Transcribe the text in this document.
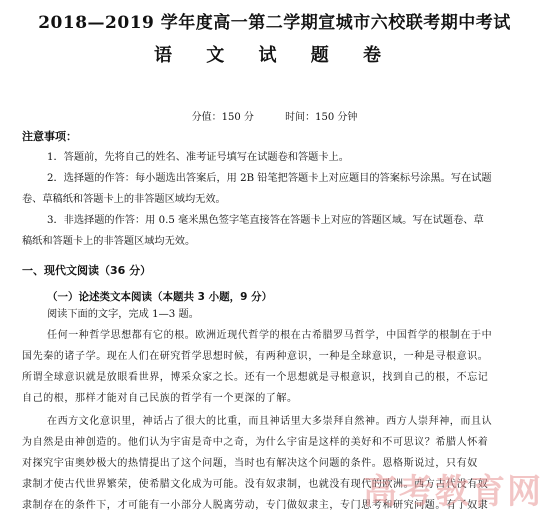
2018—2019 学年度高一第二学期宣城市六校联考期中考试
语 文 试 题 卷
分值：150 分	时间：150 分钟
注意事项：
1．答题前，先将自己的姓名、准考证号填写在试题卷和答题卡上。
2．选择题的作答：每小题选出答案后，用 2B 铅笔把答题卡上对应题目的答案标号涂黑。写在试题
卷、草稿纸和答题卡上的非答题区域均无效。
3．非选择题的作答：用 0.5 毫米黑色签字笔直接答在答题卡上对应的答题区域。写在试题卷、草
稿纸和答题卡上的非答题区域均无效。
一、现代文阅读（36 分）
（一）论述类文本阅读（本题共 3 小题，9 分）
阅读下面的文字，完成 1—3 题。
任何一种哲学思想都有它的根。欧洲近现代哲学的根在古希腊罗马哲学，中国哲学的根制在于中
国先秦的诸子学。现在人们在研究哲学思想时候，有两种意识，一种是全球意识，一种是寻根意识。
所谓全球意识就是放眼看世界，博采众家之长。还有一个思想就是寻根意识，找到自己的根，不忘记
自己的根，那样才能对自己民族的哲学有一个更深的了解。
在西方文化意识里，神话占了很大的比重，而且神话里大多崇拜自然神。西方人崇拜神，而且认
为自然是由神创造的。他们认为宇宙是奇中之奇，为什么宇宙是这样的美好和不可思议？希腊人怀着
对探究宇宙奥妙极大的热情提出了这个问题，当时也有解决这个问题的条件。恩格斯说过，只有奴
隶制才使古代世界繁荣，使希腊文化成为可能。没有奴隶制，也就没有现代的欧洲。西方古代没有奴
隶制存在的条件下，才可能有一小部分人脱离劳动，专门做奴隶主，专门思考和研究问题。有了奴隶
高考教育网
